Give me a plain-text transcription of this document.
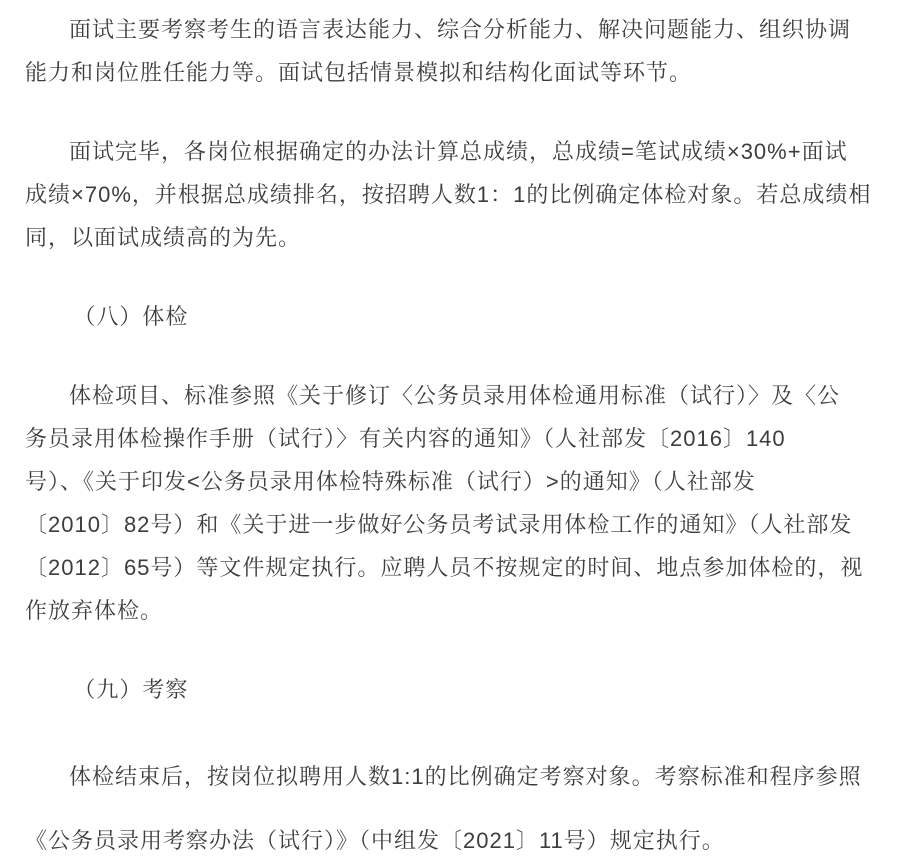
面试主要考察考生的语言表达能力、综合分析能力、解决问题能力、组织协调
能力和岗位胜任能力等。面试包括情景模拟和结构化面试等环节。
面试完毕，各岗位根据确定的办法计算总成绩，总成绩=笔试成绩×30%+面试
成绩×70%，并根据总成绩排名，按招聘人数1：1的比例确定体检对象。若总成绩相
同，以面试成绩高的为先。
（八）体检
体检项目、标准参照《关于修订〈公务员录用体检通用标准（试行）〉及〈公
务员录用体检操作手册（试行）〉有关内容的通知》（人社部发〔2016〕140
号）、《关于印发<公务员录用体检特殊标准（试行）>的通知》（人社部发
〔2010〕82号）和《关于进一步做好公务员考试录用体检工作的通知》（人社部发
〔2012〕65号）等文件规定执行。应聘人员不按规定的时间、地点参加体检的，视
作放弃体检。
（九）考察
体检结束后，按岗位拟聘用人数1:1的比例确定考察对象。考察标准和程序参照
《公务员录用考察办法（试行）》（中组发〔2021〕11号）规定执行。
